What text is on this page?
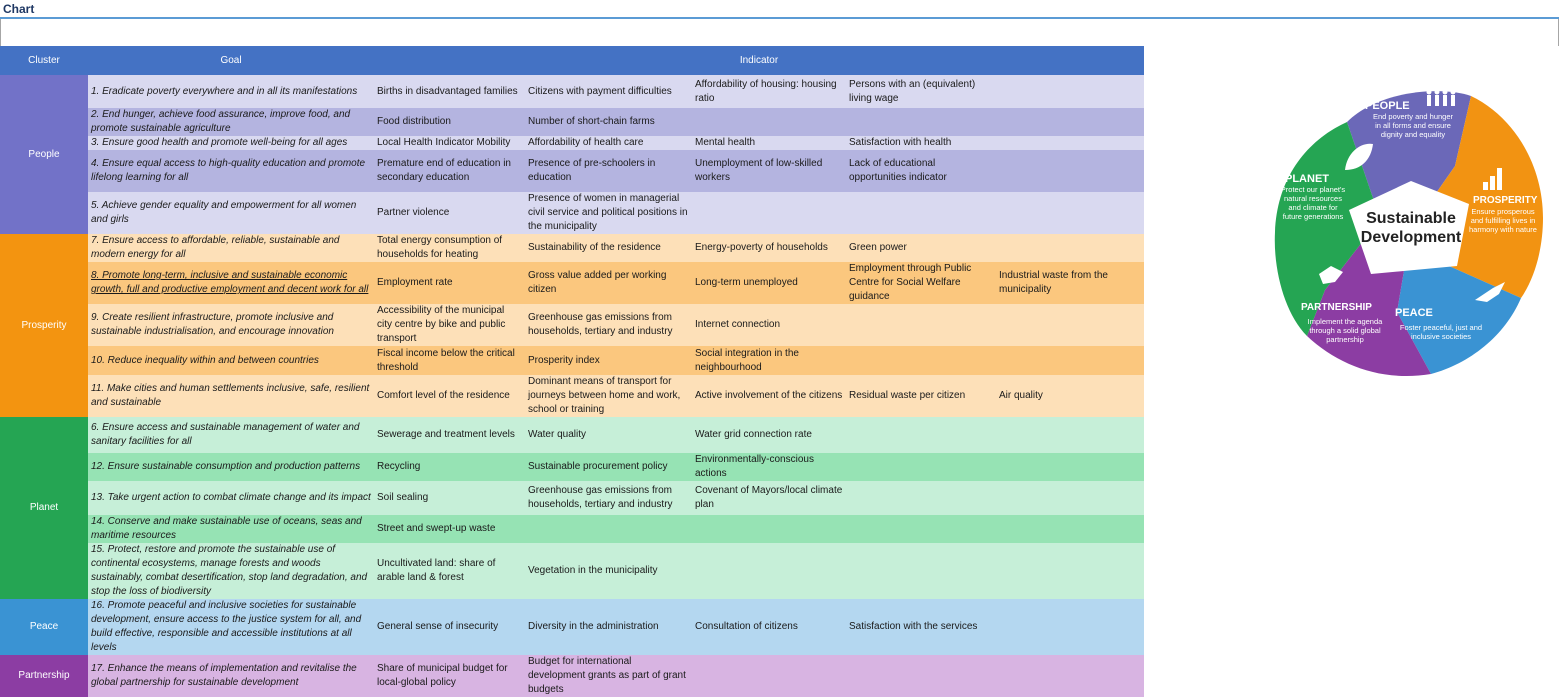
Chart
Cluster	Goal	Indicator				
People	1. Eradicate poverty everywhere and in all its manifestations	Births in disadvantaged families	Citizens with payment difficulties	Affordability of housing: housing ratio	Persons with an (equivalent) living wage	
	2. End hunger, achieve food assurance, improve food, and promote sustainable agriculture	Food distribution	Number of short-chain farms			
	3. Ensure good health and promote well-being for all ages	Local Health Indicator Mobility	Affordability of health care	Mental health	Satisfaction with health	
	4. Ensure equal access to high-quality education and promote lifelong learning for all	Premature end of education in secondary education	Presence of pre-schoolers in education	Unemployment of low-skilled workers	Lack of educational opportunities indicator	
	5. Achieve gender equality and empowerment for all women and girls	Partner violence	Presence of women in managerial civil service and political positions in the municipality			
Prosperity	7. Ensure access to affordable, reliable, sustainable and modern energy for all	Total energy consumption of households for heating	Sustainability of the residence	Energy-poverty of households	Green power	
	8. Promote long-term, inclusive and sustainable economic growth, full and productive employment and decent work for all	Employment rate	Gross value added per working citizen	Long-term unemployed	Employment through Public Centre for Social Welfare guidance	Industrial waste from the municipality
	9. Create resilient infrastructure, promote inclusive and sustainable industrialisation, and encourage innovation	Accessibility of the municipal city centre by bike and public transport	Greenhouse gas emissions from households, tertiary and industry	Internet connection		
	10. Reduce inequality within and between countries	Fiscal income below the critical threshold	Prosperity index	Social integration in the neighbourhood		
	11. Make cities and human settlements inclusive, safe, resilient and sustainable	Comfort level of the residence	Dominant means of transport for journeys between home and work, school or training	Active involvement of the citizens	Residual waste per citizen	Air quality
Planet	6. Ensure access and sustainable management of water and sanitary facilities for all	Sewerage and treatment levels	Water quality	Water grid connection rate		
	12. Ensure sustainable consumption and production patterns	Recycling	Sustainable procurement policy	Environmentally-conscious actions		
	13. Take urgent action to combat climate change and its impact	Soil sealing	Greenhouse gas emissions from households, tertiary and industry	Covenant of Mayors/local climate plan		
	14. Conserve and make sustainable use of oceans, seas and maritime resources	Street and swept-up waste				
	15. Protect, restore and promote the sustainable use of continental ecosystems, manage forests and woods sustainably, combat desertification, stop land degradation, and stop the loss of biodiversity	Uncultivated land: share of arable land & forest	Vegetation in the municipality			
Peace	16. Promote peaceful and inclusive societies for sustainable development, ensure access to the justice system for all, and build effective, responsible and accessible institutions at all levels	General sense of insecurity	Diversity in the administration	Consultation of citizens	Satisfaction with the services	
Partnership	17. Enhance the means of implementation and revitalise the global partnership for sustainable development	Share of municipal budget for local-global policy	Budget for international development grants as part of grant budgets			
Sustainable
Development
PEOPLE
End poverty and hunger
in all forms and ensure
dignity and equality
PROSPERITY
Ensure prosperous
and fulfilling lives in
harmony with nature
PEACE
Foster peaceful, just and
inclusive societies
PARTNERSHIP
Implement the agenda
through a solid global
partnership
PLANET
Protect our planet's
natural resources
and climate for
future generations
